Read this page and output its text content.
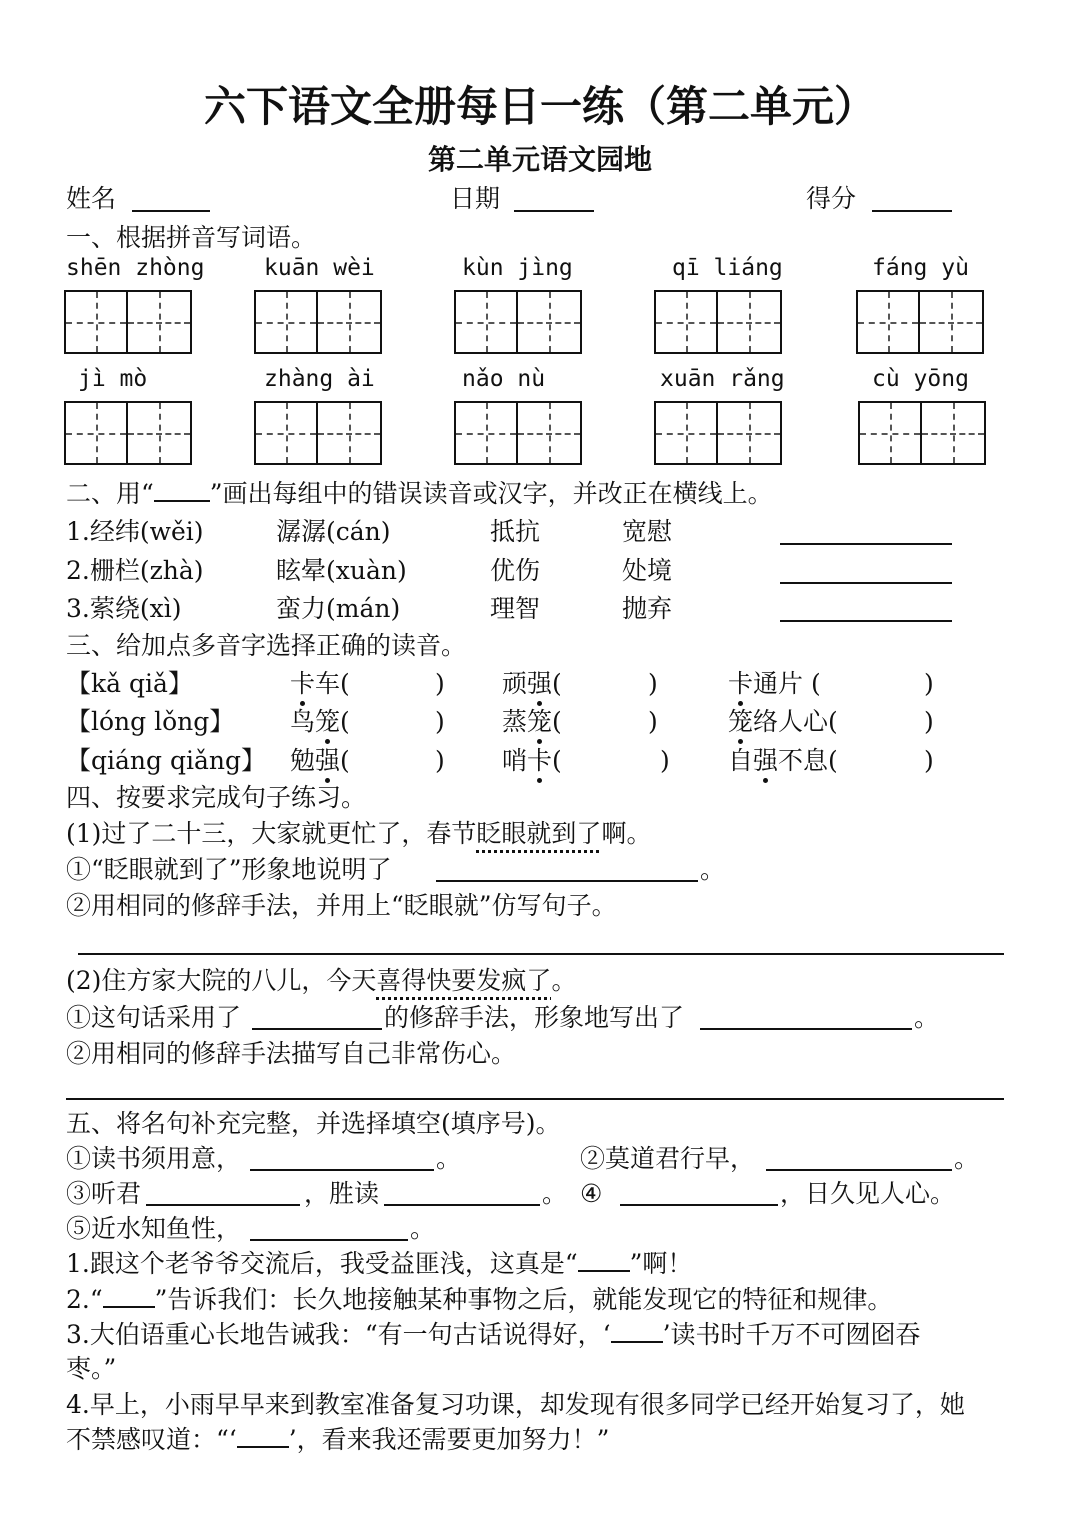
六下语文全册每日一练（第二单元）
第二单元语文园地
姓名	日期	得分
一、根据拼音写词语。
shēn zhòng	kuān wèi	kùn jìng	qī liáng	fáng yù
jì mò	zhàng ài	nǎo nù	xuān rǎng	cù yōng
二、用“ ”画出每组中的错误读音或汉字，并改正在横线上。
1.经纬(wěi)	潺潺(cán)	抵抗	宽慰
2.栅栏(zhà)	眩晕(xuàn)	优伤	处境
3.萦绕(xì)	蛮力(mán)	理智	抛弃
三、给加点多音字选择正确的读音。
【kǎ qiǎ】	卡车(	) 顽强(	)	卡通片 (	)
【lóng lǒng】 鸟笼(	) 蒸笼(	)	笼络人心(	)
【qiáng qiǎng】 勉强(	) 哨卡(	) 自强不息(	)
四、按要求完成句子练习。
(1)过了二十三，大家就更忙了，春节眨眼就到了啊。
①“眨眼就到了”形象地说明了	。
②用相同的修辞手法，并用上“眨眼就”仿写句子。
(2)住方家大院的八儿，今天喜得快要发疯了。
①这句话采用了	的修辞手法，形象地写出了	。
②用相同的修辞手法描写自己非常伤心。
五、将名句补充完整，并选择填空(填序号)。
①读书须用意，	。	②莫道君行早，	。
③听君	，胜读	。 ④	，日久见人心。
⑤近水知鱼性，	。
1.跟这个老爷爷交流后，我受益匪浅，这真是“ ”啊！
2.“ ”告诉我们：长久地接触某种事物之后，就能发现它的特征和规律。
3.大伯语重心长地告诫我：“有一句古话说得好，‘ ’读书时千万不可囫囵吞
枣。”
4.早上，小雨早早来到教室准备复习功课，却发现有很多同学已经开始复习了，她
不禁感叹道：“‘ ’，看来我还需要更加努力！”
